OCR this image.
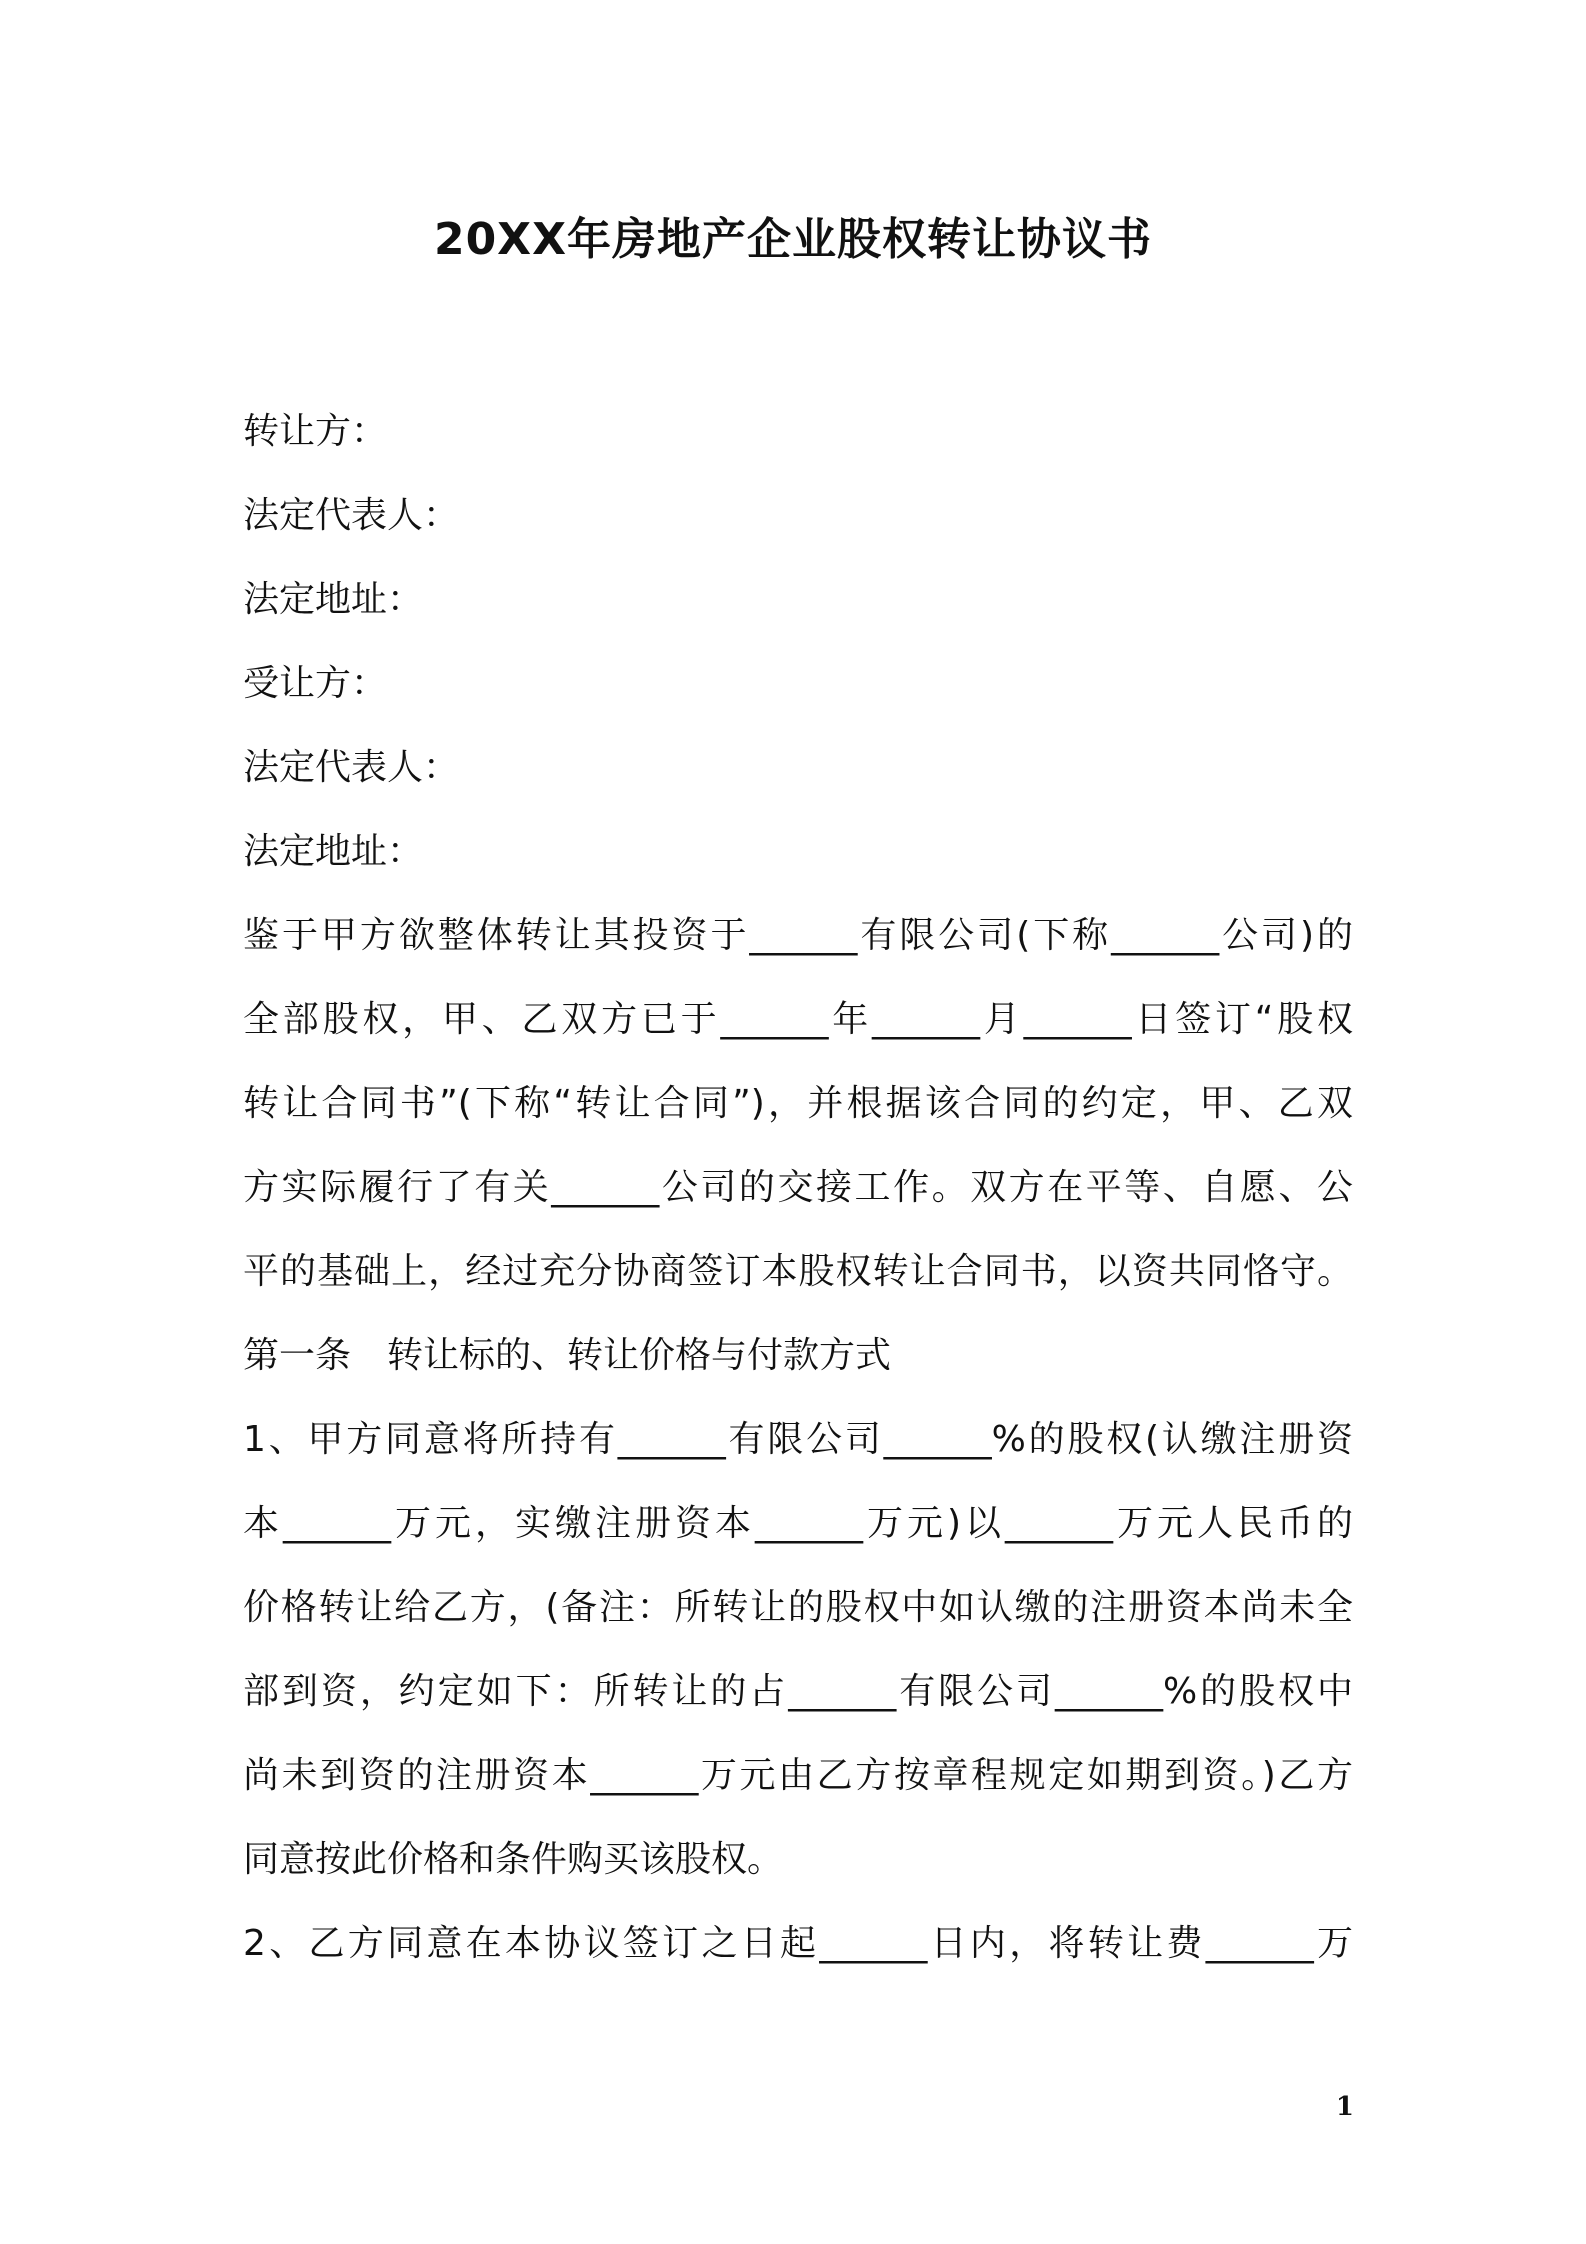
20XX年房地产企业股权转让协议书
转让方：
法定代表人：
法定地址：
受让方：
法定代表人：
法定地址：
鉴于甲方欲整体转让其投资于______有限公司(下称______公司)的
全部股权，甲、乙双方已于______年______月______日签订“股权
转让合同书”(下称“转让合同”)，并根据该合同的约定，甲、乙双
方实际履行了有关______公司的交接工作。双方在平等、自愿、公
平的基础上，经过充分协商签订本股权转让合同书，以资共同恪守。
第一条　转让标的、转让价格与付款方式
1、甲方同意将所持有______有限公司______%的股权(认缴注册资
本______万元，实缴注册资本______万元)以______万元人民币的
价格转让给乙方，(备注：所转让的股权中如认缴的注册资本尚未全
部到资，约定如下：所转让的占______有限公司______%的股权中
尚未到资的注册资本______万元由乙方按章程规定如期到资。)乙方
同意按此价格和条件购买该股权。
2、乙方同意在本协议签订之日起______日内，将转让费______万
1
